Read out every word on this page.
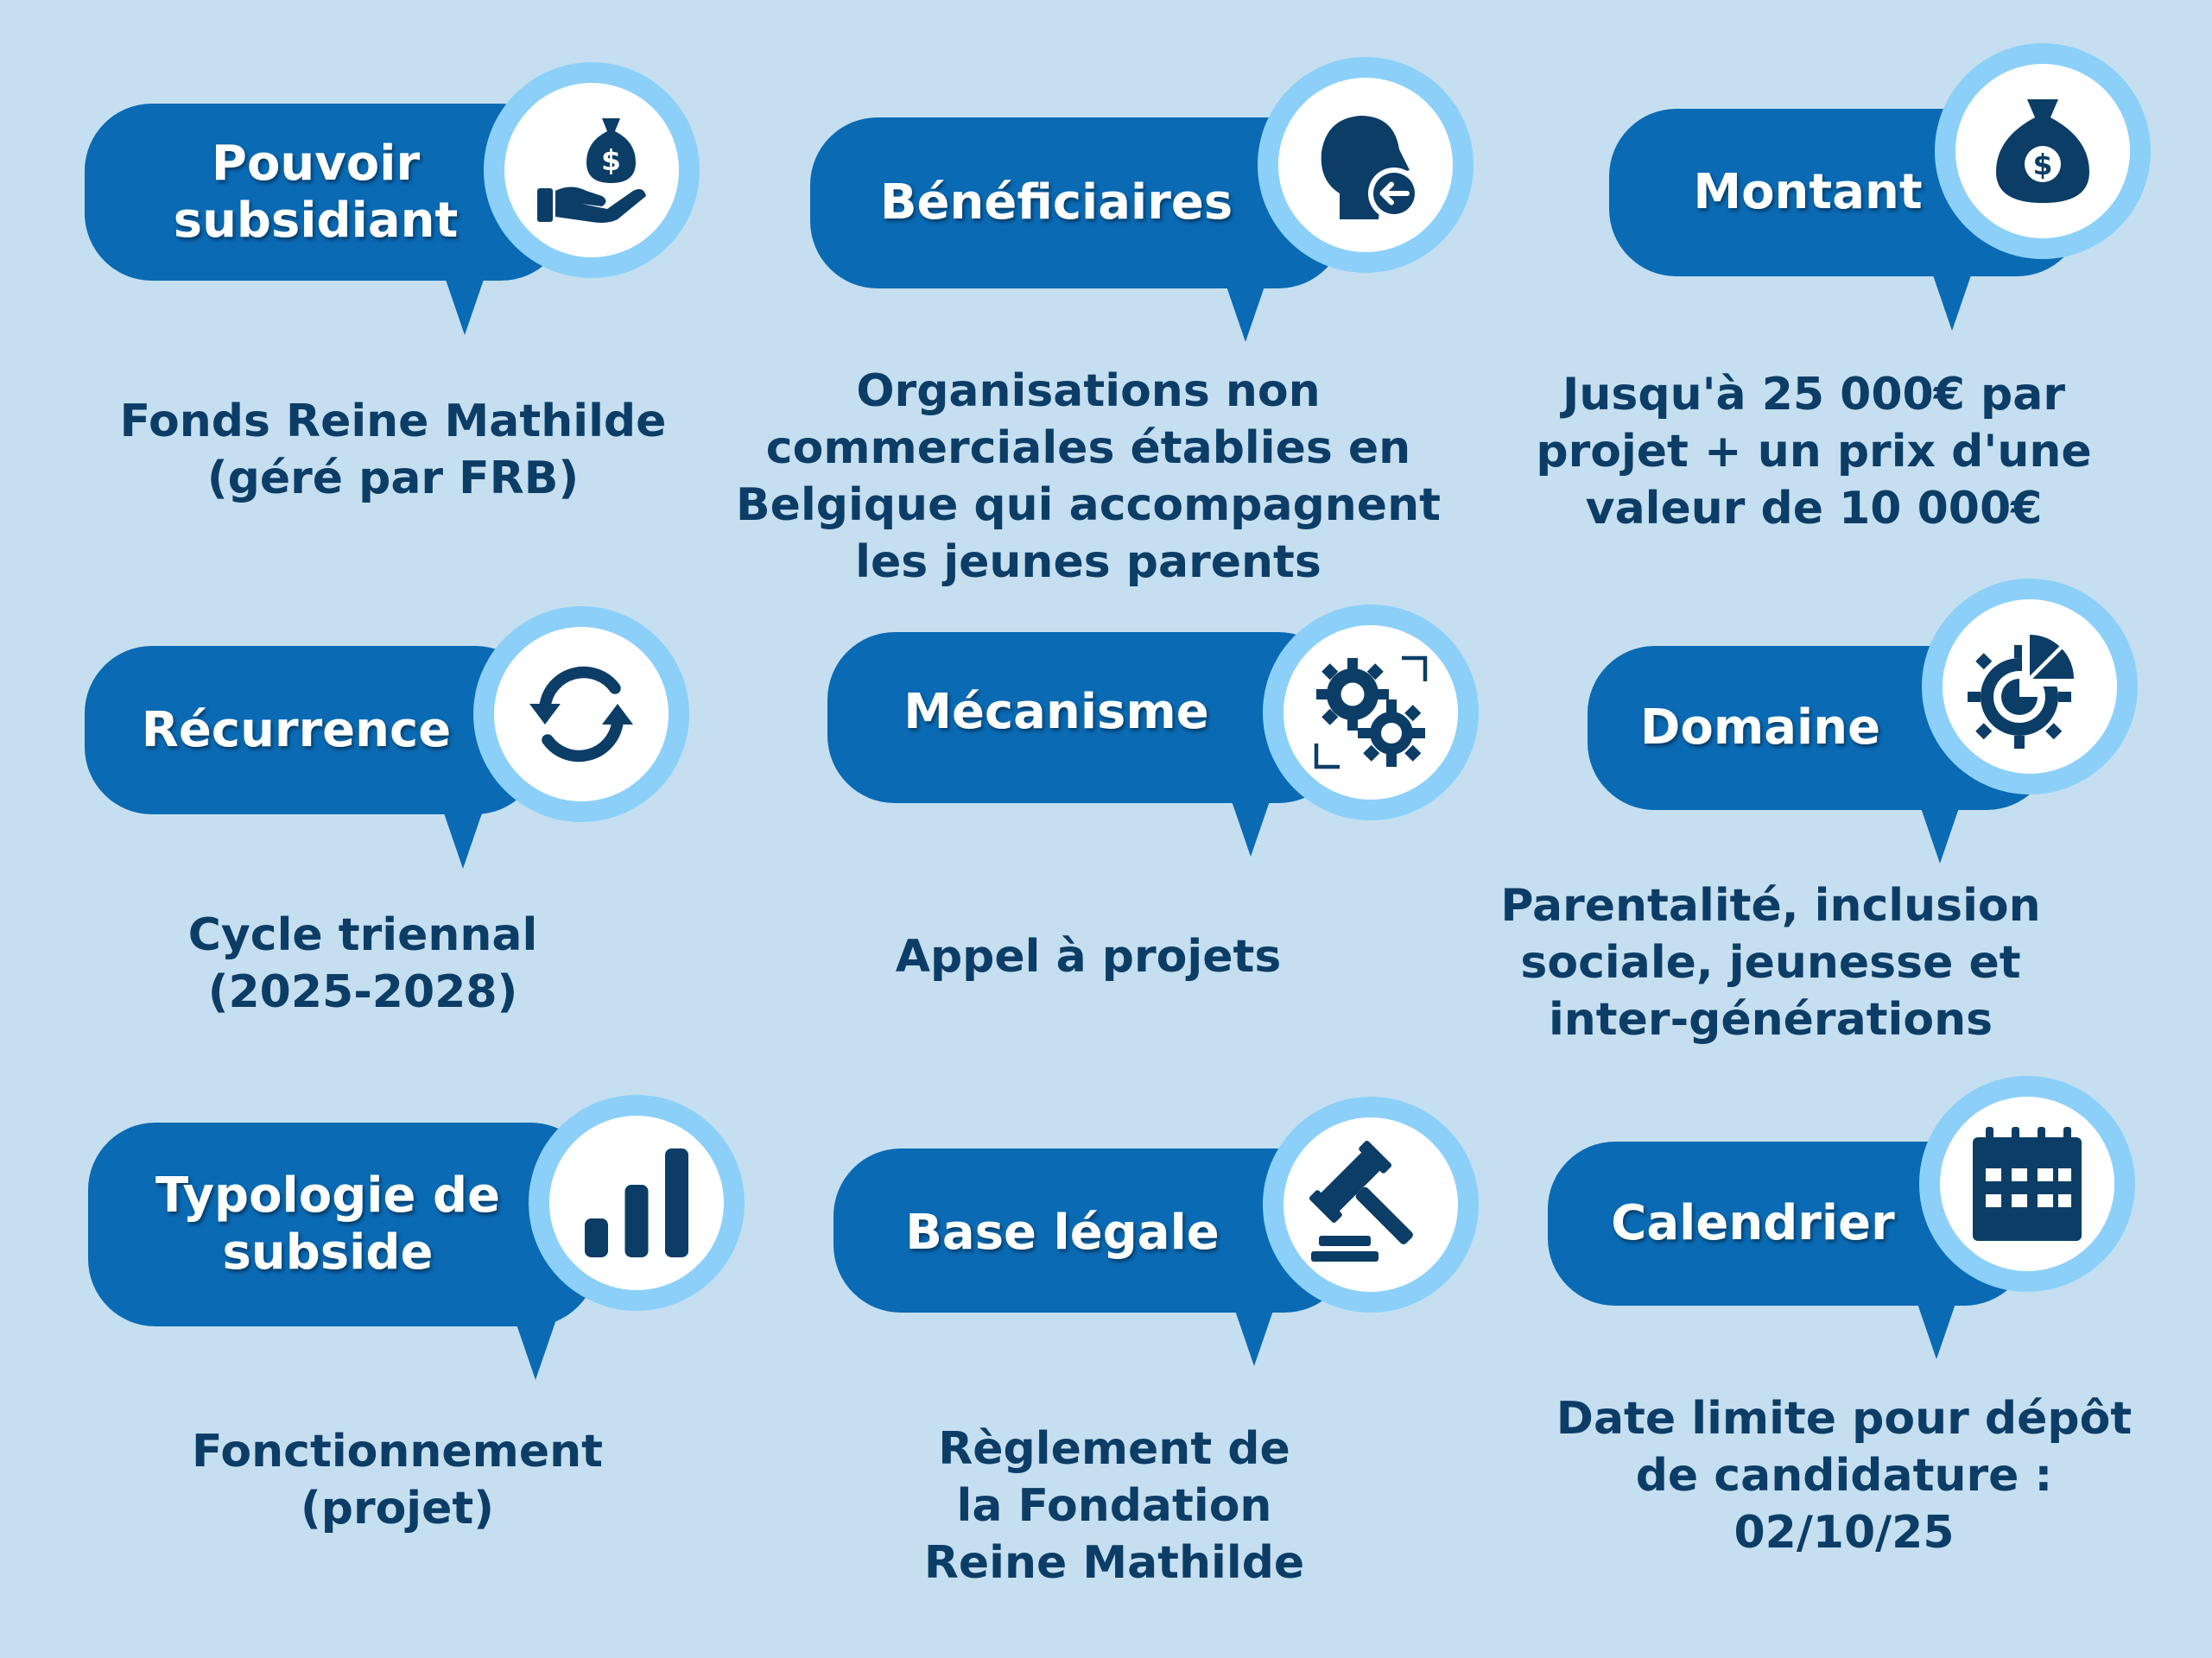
Pouvoir
subsidiant
$
Fonds Reine Mathilde
(géré par FRB)
Bénéficiaires
Organisations non
commerciales établies en
Belgique qui accompagnent
les jeunes parents
Montant	$
Jusqu'à 25 000€ par
projet + un prix d'une
valeur de 10 000€
Récurrence
Cycle triennal
(2025-2028)
Mécanisme
Appel à projets
Domaine
Parentalité, inclusion
sociale, jeunesse et
inter-générations
Typologie de
subside
Fonctionnement
(projet)
Base légale
Règlement de
la Fondation
Reine Mathilde
Calendrier
Date limite pour dépôt
de candidature :
02/10/25
